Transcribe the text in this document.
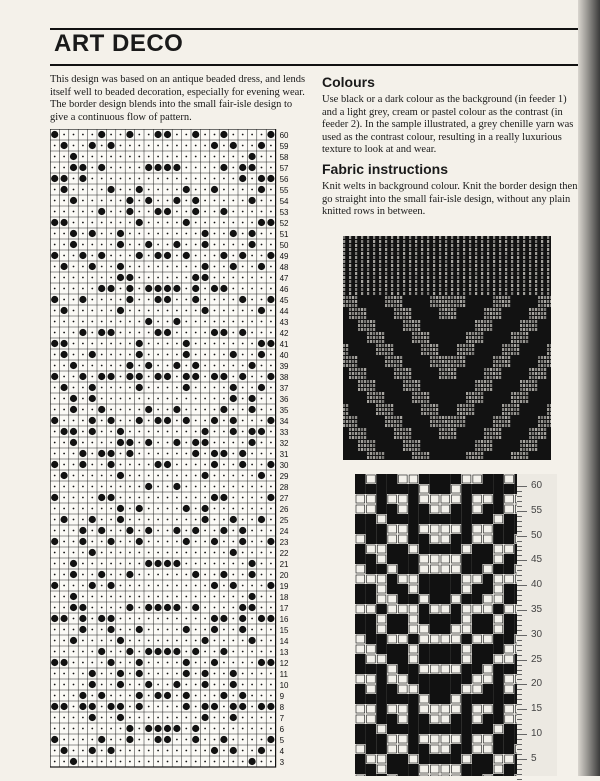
ART DECO
This design was based on an antique beaded dress, and lends itself well to beaded decoration, especially for evening wear. The border design blends into the small fair-isle design to give a continuous flow of pattern.
60
59
58
57
56
55
54
53
52
51
50
49
48
47
46
45
44
43
42
41
40
39
38
37
36
35
34
33
32
31
30
29
28
27
26
25
24
23
22
21
20
19
18
17
16
15
14
13
12
11
10
9
8
7
6
5
4
3
Colours
Use black or a dark colour as the background (in feeder 1) and a light grey, cream or pastel colour as the contrast (in feeder 2). In the sample illustrated, a grey chenille yarn was used as the contrast colour, resulting in a really luxurious texture to look at and wear.
Fabric instructions
Knit welts in background colour. Knit the border design then go straight into the small fair-isle design, without any plain knitted rows in between.
60
55
50
45
40
35
30
25
20
15
10
5
